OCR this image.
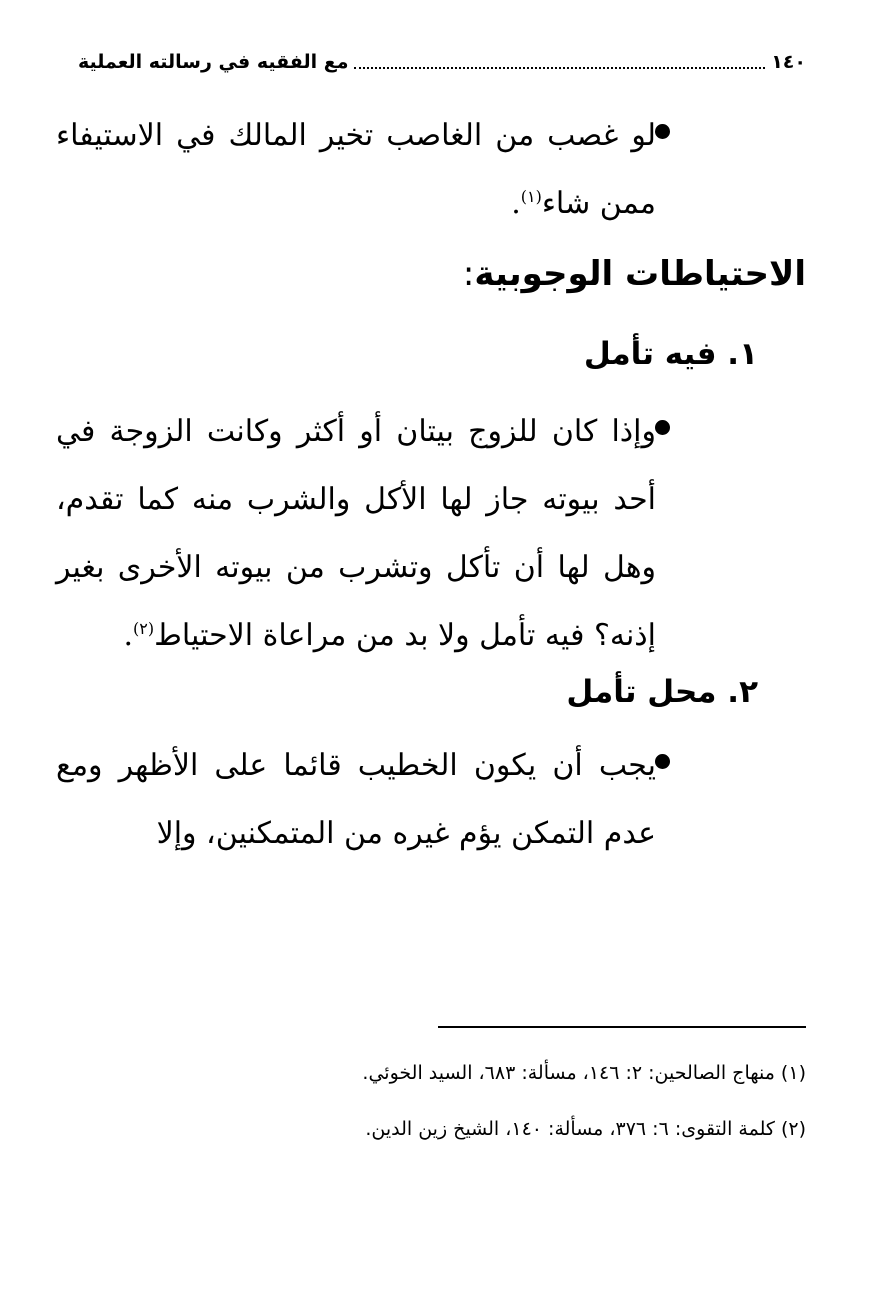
١٤٠
مع الفقيه في رسالته العملية

لو غصب من الغاصب تخير المالك في الاستيفاء ممن شاء$^{(١)}$.

الاحتياطات الوجوبية:
١. فيه تأمل

وإذا كان للزوج بيتان أو أكثر وكانت الزوجة في أحد بيوته جاز لها الأكل والشرب منه كما تقدم، وهل لها أن تأكل وتشرب من بيوته الأخرى بغير إذنه؟ فيه تأمل ولا بد من مراعاة الاحتياط$^{(٢)}$.

٢. محل تأمل

يجب أن يكون الخطيب قائما على الأظهر ومع عدم التمكن يؤم غيره من المتمكنين، وإلا

(١) منهاج الصالحين: ٢: ١٤٦، مسألة: ٦٨٣، السيد الخوئي.
(٢) كلمة التقوى: ٦: ٣٧٦، مسألة: ١٤٠، الشيخ زين الدين.
